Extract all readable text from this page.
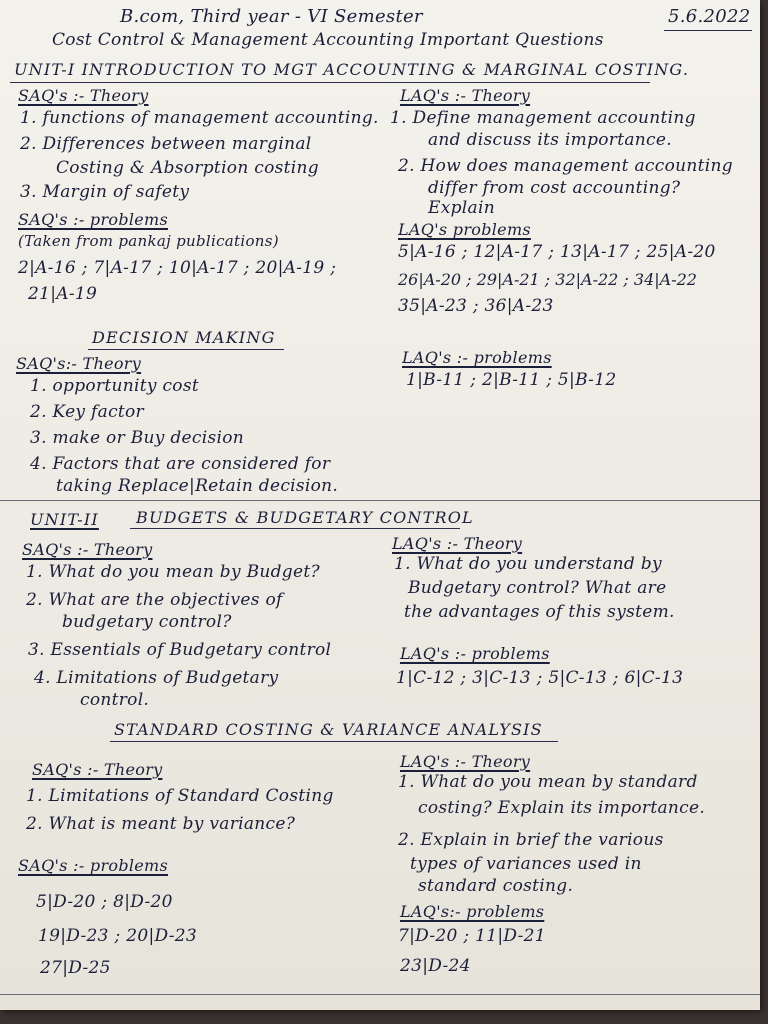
B.com, Third year - VI Semester	5.6.2022
Cost Control & Management Accounting Important Questions
UNIT-I INTRODUCTION TO MGT ACCOUNTING & MARGINAL COSTING.
SAQ's :- Theory
1. functions of management accounting.
2. Differences between marginal
Costing & Absorption costing
3. Margin of safety
SAQ's :- problems
(Taken from pankaj publications)
2|A-16 ; 7|A-17 ; 10|A-17 ; 20|A-19 ;
21|A-19
LAQ's :- Theory
1. Define management accounting
and discuss its importance.
2. How does management accounting
differ from cost accounting?
Explain
LAQ's problems
5|A-16 ; 12|A-17 ; 13|A-17 ; 25|A-20
26|A-20 ; 29|A-21 ; 32|A-22 ; 34|A-22
35|A-23 ; 36|A-23
DECISION MAKING
SAQ's:- Theory
1. opportunity cost
2. Key factor
3. make or Buy decision
4. Factors that are considered for
taking Replace|Retain decision.
LAQ's :- problems
1|B-11 ; 2|B-11 ; 5|B-12
UNIT-II BUDGETS & BUDGETARY CONTROL
SAQ's :- Theory
1. What do you mean by Budget?
2. What are the objectives of
budgetary control?
3. Essentials of Budgetary control
4. Limitations of Budgetary
control.
LAQ's :- Theory
1. What do you understand by
Budgetary control? What are
the advantages of this system.
LAQ's :- problems
1|C-12 ; 3|C-13 ; 5|C-13 ; 6|C-13
STANDARD COSTING & VARIANCE ANALYSIS
SAQ's :- Theory
1. Limitations of Standard Costing
2. What is meant by variance?
SAQ's :- problems
5|D-20 ; 8|D-20
19|D-23 ; 20|D-23
27|D-25
LAQ's :- Theory
1. What do you mean by standard
costing? Explain its importance.
2. Explain in brief the various
types of variances used in
standard costing.
LAQ's:- problems
7|D-20 ; 11|D-21
23|D-24
